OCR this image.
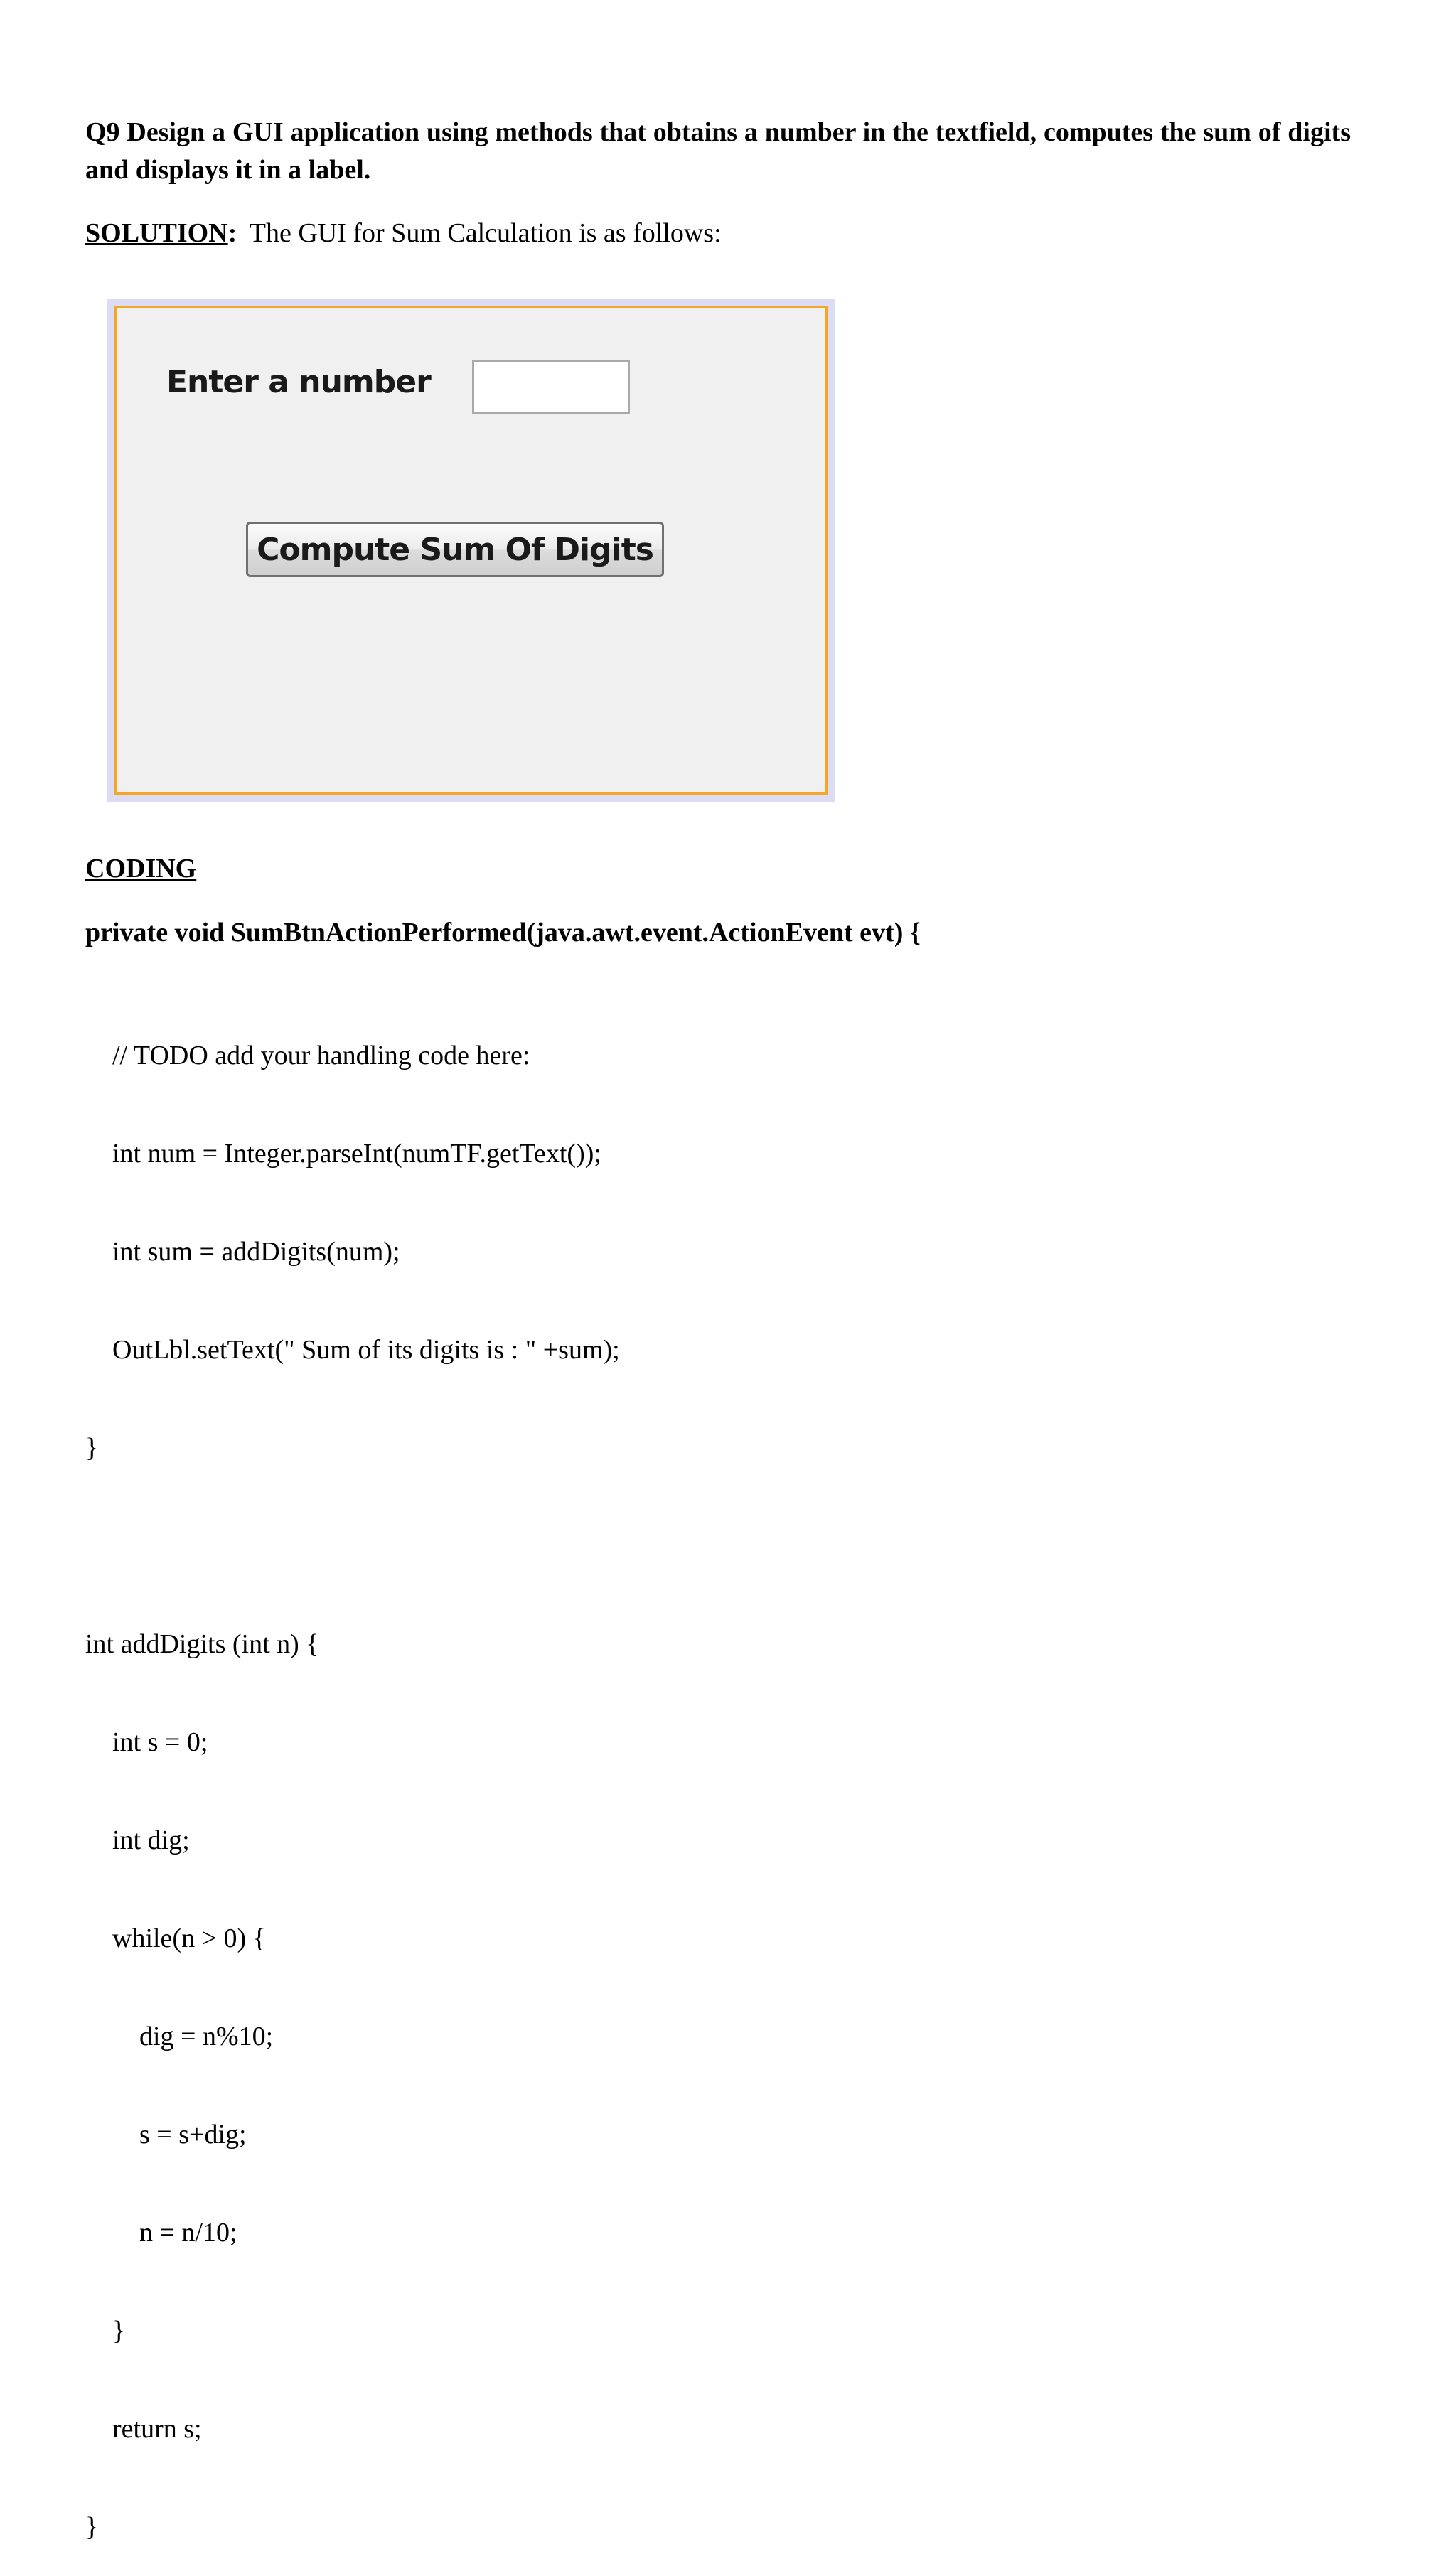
Q9 Design a GUI application using methods that obtains a number in the textfield, computes the sum of digits and displays it in a label.
SOLUTION: The GUI for Sum Calculation is as follows:
Enter a number
Compute Sum Of Digits
CODING
private void SumBtnActionPerformed(java.awt.event.ActionEvent evt) {

// TODO add your handling code here:

int num = Integer.parseInt(numTF.getText());

int sum = addDigits(num);

OutLbl.setText(" Sum of its digits is : " +sum);

}

int addDigits (int n) {

int s = 0;

int dig;

while(n > 0) {

dig = n%10;

s = s+dig;

n = n/10;

}

return s;

}
